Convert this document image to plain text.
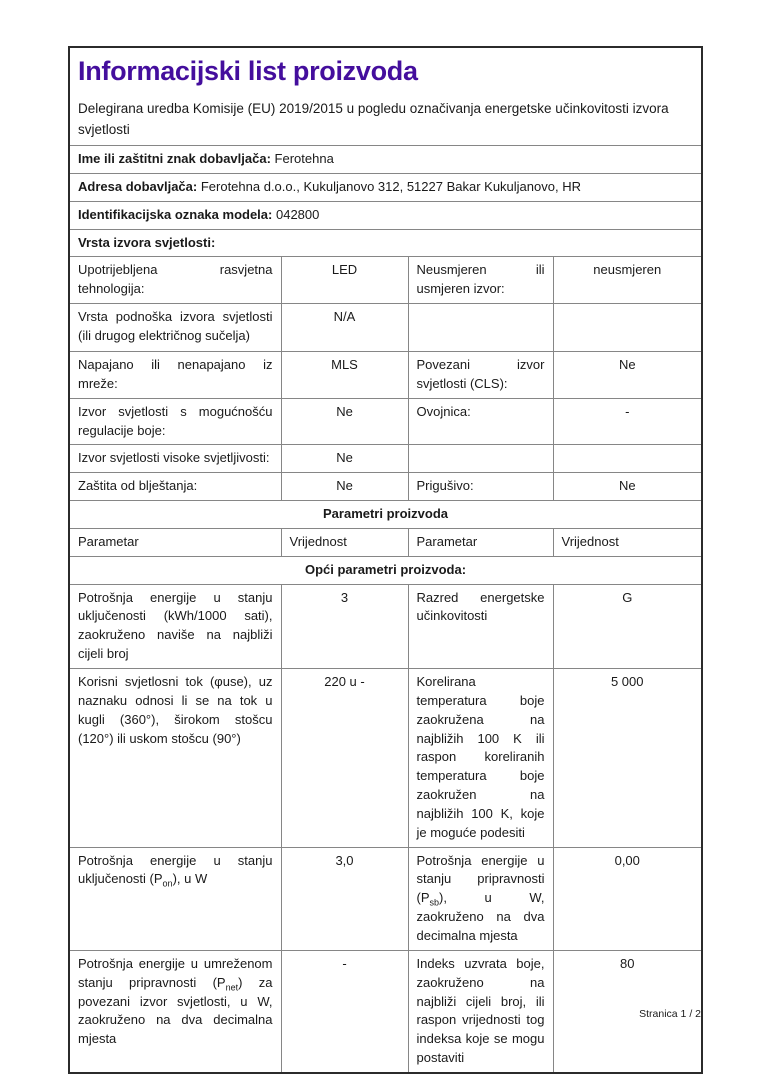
Informacijski list proizvoda
Delegirana uredba Komisije (EU) 2019/2015 u pogledu označivanja energetske učinkovitosti izvora svjetlosti			

Ime ili zaštitni znak dobavljača: Ferotehna			
Adresa dobavljača: Ferotehna d.o.o., Kukuljanovo 312, 51227 Bakar Kukuljanovo, HR			
Identifikacijska oznaka modela: 042800			
Vrsta izvora svjetlosti:			
Upotrijebljena rasvjetna tehnologija:	LED	Neusmjeren ili usmjeren izvor:	neusmjeren
Vrsta podnoška izvora svjetlosti (ili drugog električnog sučelja)	N/A		
Napajano ili nenapajano iz mreže:	MLS	Povezani izvor svjetlosti (CLS):	Ne
Izvor svjetlosti s mogućnošću regulacije boje:	Ne	Ovojnica:	-
Izvor svjetlosti visoke svjetljivosti:	Ne		
Zaštita od blještanja:	Ne	Prigušivo:	Ne
Parametri proizvoda			
Parametar	Vrijednost	Parametar	Vrijednost
Opći parametri proizvoda:			
Potrošnja energije u stanju uključenosti (kWh/1000 sati), zaokruženo naviše na najbliži cijeli broj	3	Razred energetske učinkovitosti	G
Korisni svjetlosni tok (φuse), uz naznaku odnosi li se na tok u kugli (360°), širokom stošcu (120°) ili uskom stošcu (90°)	220 u -	Korelirana temperatura boje zaokružena na najbližih 100 K ili raspon koreliranih temperatura boje zaokružen na najbližih 100 K, koje je moguće podesiti	5 000
Potrošnja energije u stanju uključenosti $(P_{on})$, u W	3,0	Potrošnja energije u stanju pripravnosti $(P_{sb})$, u W, zaokruženo na dva decimalna mjesta	0,00
Potrošnja energije u umreženom stanju pripravnosti $(P_{net})$ za povezani izvor svjetlosti, u W, zaokruženo na dva decimalna mjesta	-	Indeks uzvrata boje, zaokruženo na najbliži cijeli broj, ili raspon vrijednosti tog indeksa koje se mogu postaviti	80
Stranica 1 / 2
